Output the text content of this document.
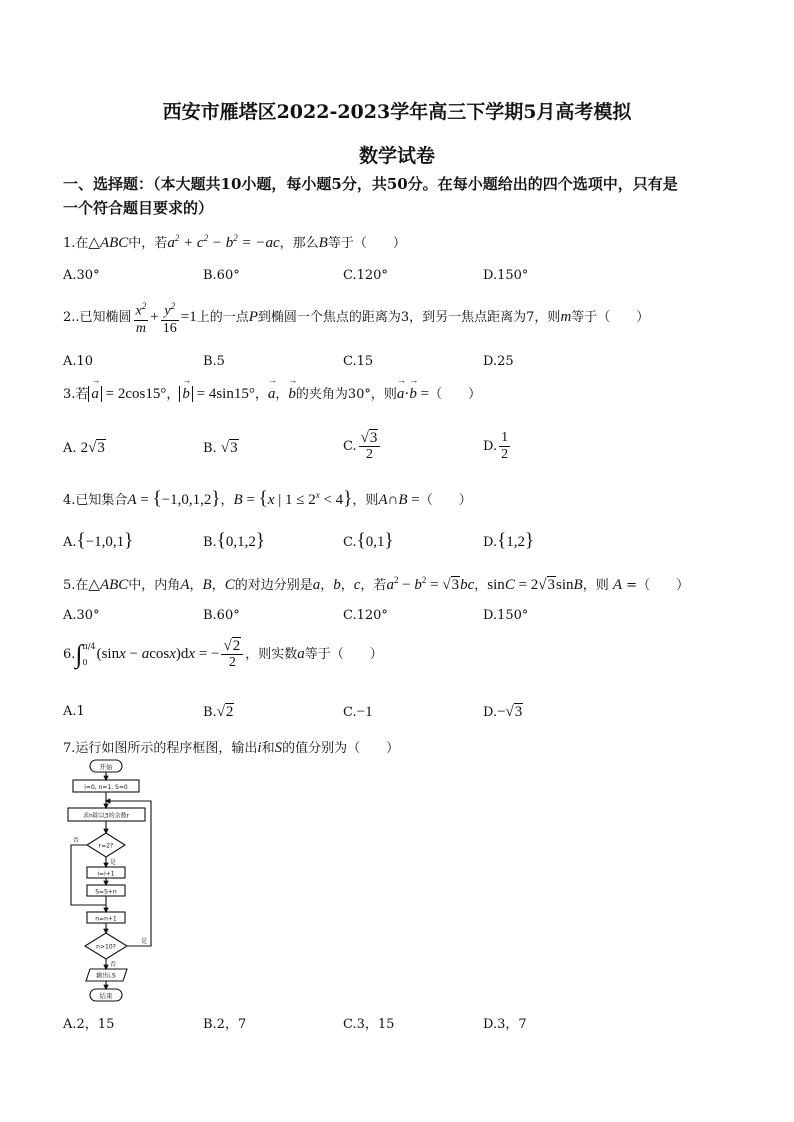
西安市雁塔区2022-2023学年高三下学期5月高考模拟
数学试卷
一、选择题：（本大题共10小题，每小题5分，共50分。在每小题给出的四个选项中，只有是
一个符合题目要求的）
1.在△ABC中，若$a^2 + c^2 - b^2 = -ac$，那么B等于（　　）
A.30°	B.60°	C.120°	D.150°
2..已知椭圆 $\frac{x^2}{m} + \frac{y^2}{16} =1$上的一点P到椭圆一个焦点的距离为3，到另一焦点距离为7，则m等于（　　）
A.10	B.5	C.15	D.25
3.若 → a = 2cos15°， → b = 4sin15°，→ a，→ b的夹角为30°，则→ a·→ b =（　　）
A. 2√3	B. √3	C. $\frac{√3}{2}$	D. $\frac{1}{2}$
4.已知集合A = {−1,0,1,2}，B = {x | $1 \le 2^x < 4$}，则A∩B =（　　）
A.{−1,0,1}	B.{0,1,2}	C.{0,1}	D.{1,2}
5.在△ABC中，内角A，B，C的对边分别是a，b，c，若$a^2 - b^2 = √3bc$，sinC = 2√3sinB，则 A =（　　）
A.30°	B.60°	C.120°	D.150°
6.∫ π/4
0 (sinx − acosx)dx = − $\frac{√2}{2}$ ，则实数a等于（　　）
A.1	B.√2	C.−1	D.−√3
7.运行如图所示的程序框图，输出i和S的值分别为（　　）
开始
i=0, n=1, S=0
求n除以3的余数r
r=2?
是
否
i=i+1
S=S+n
n=n+1
n>10?
是
否
输出i,S
结束
A.2，15	B.2，7	C.3，15	D.3，7
